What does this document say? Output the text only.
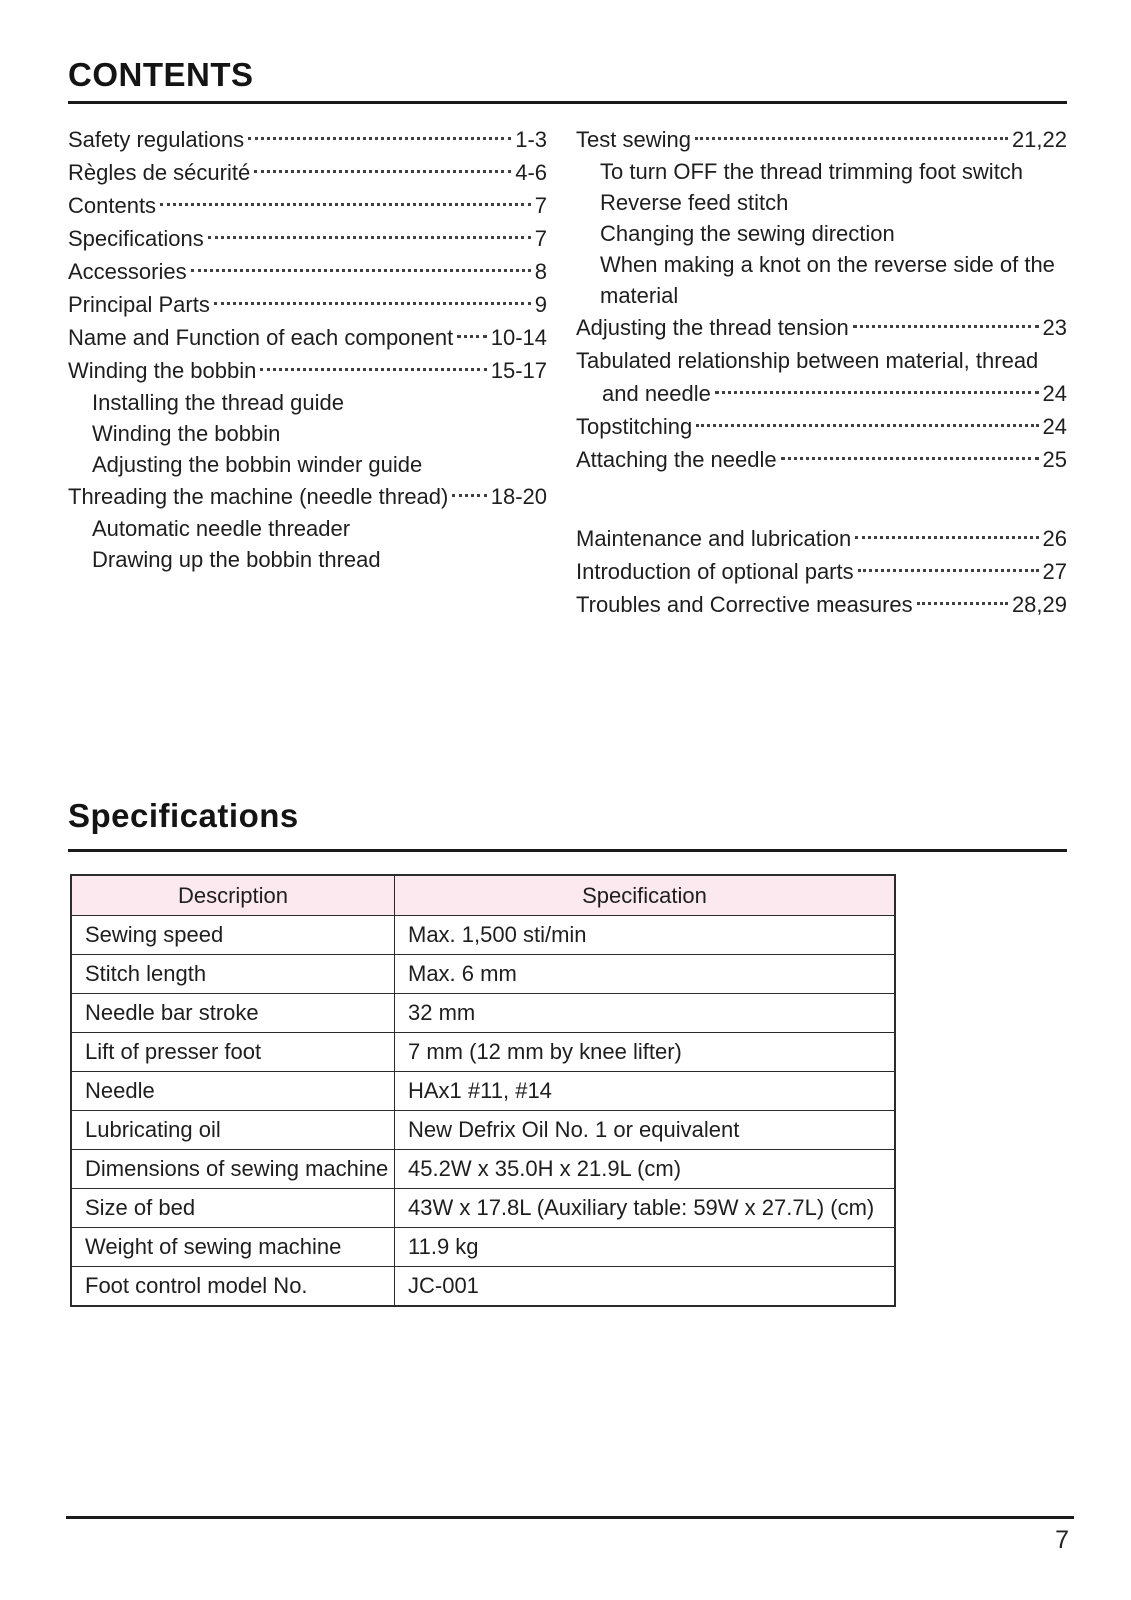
CONTENTS
Safety regulations	1-3
Règles de sécurité	4-6
Contents	7
Specifications	7
Accessories	8
Principal Parts	9
Name and Function of each component 10-14
Winding the bobbin	15-17
Installing the thread guide
Winding the bobbin
Adjusting the bobbin winder guide
Threading the machine (needle thread) 18-20
Automatic needle threader
Drawing up the bobbin thread
Test sewing	21,22
To turn OFF the thread trimming foot switch
Reverse feed stitch
Changing the sewing direction
When making a knot on the reverse side of the
material
Adjusting the thread tension	23
Tabulated relationship between material, thread
and needle	24
Topstitching	24
Attaching the needle	25
Maintenance and lubrication	26
Introduction of optional parts	27
Troubles and Corrective measures	28,29
Specifications
Description	Specification
Sewing speed	Max. 1,500 sti/min
Stitch length	Max. 6 mm
Needle bar stroke	32 mm
Lift of presser foot	7 mm (12 mm by knee lifter)
Needle	HAx1 #11, #14
Lubricating oil	New Defrix Oil No. 1 or equivalent
Dimensions of sewing machine	45.2W x 35.0H x 21.9L (cm)
Size of bed	43W x 17.8L (Auxiliary table: 59W x 27.7L) (cm)
Weight of sewing machine	11.9 kg
Foot control model No.	JC-001
7
